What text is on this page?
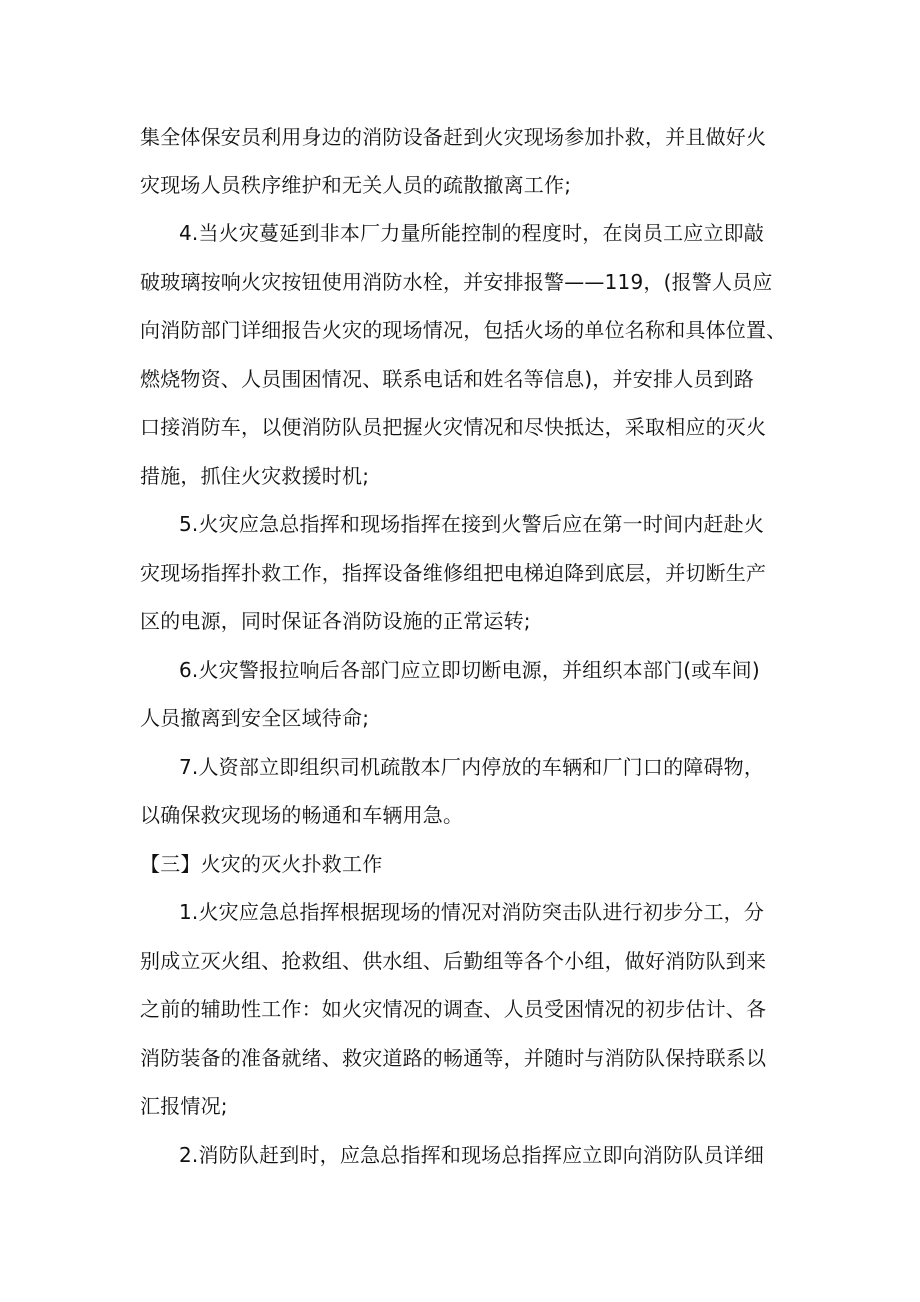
集全体保安员利用身边的消防设备赶到火灾现场参加扑救，并且做好火
灾现场人员秩序维护和无关人员的疏散撤离工作;
4.当火灾蔓延到非本厂力量所能控制的程度时，在岗员工应立即敲
破玻璃按响火灾按钮使用消防水栓，并安排报警——119，(报警人员应
向消防部门详细报告火灾的现场情况，包括火场的单位名称和具体位置、
燃烧物资、人员围困情况、联系电话和姓名等信息)，并安排人员到路
口接消防车，以便消防队员把握火灾情况和尽快抵达，采取相应的灭火
措施，抓住火灾救援时机;
5.火灾应急总指挥和现场指挥在接到火警后应在第一时间内赶赴火
灾现场指挥扑救工作，指挥设备维修组把电梯迫降到底层，并切断生产
区的电源，同时保证各消防设施的正常运转;
6.火灾警报拉响后各部门应立即切断电源，并组织本部门(或车间)
人员撤离到安全区域待命;
7.人资部立即组织司机疏散本厂内停放的车辆和厂门口的障碍物，
以确保救灾现场的畅通和车辆用急。
【三】火灾的灭火扑救工作
1.火灾应急总指挥根据现场的情况对消防突击队进行初步分工，分
别成立灭火组、抢救组、供水组、后勤组等各个小组，做好消防队到来
之前的辅助性工作：如火灾情况的调查、人员受困情况的初步估计、各
消防装备的准备就绪、救灾道路的畅通等，并随时与消防队保持联系以
汇报情况;
2.消防队赶到时，应急总指挥和现场总指挥应立即向消防队员详细
